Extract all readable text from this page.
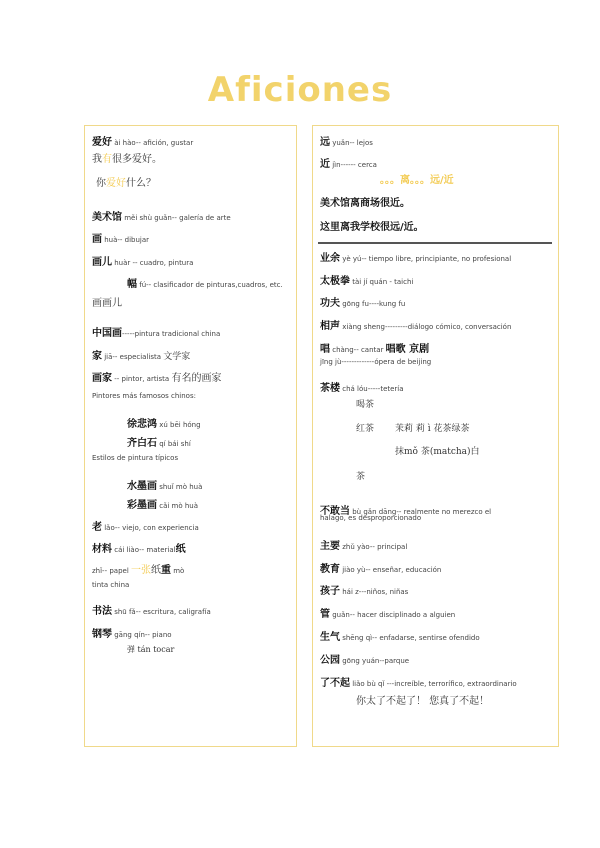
Aficiones
爱好 ài hào-- afición, gustar
我有很多爱好。
你爱好什么？
美术馆 měi shù guǎn-- galería de arte
画 huà-- dibujar
画儿 huàr -- cuadro, pintura
幅 fú-- clasificador de pinturas,cuadros, etc.
画画儿
中国画-----pintura tradicional china
家 jiā-- especialista 文学家
画家 -- pintor, artista 有名的画家
Pintores más famosos chinos:
徐悲鸿 xú bēi hóng
齐白石 qí bái shí
Estilos de pintura típicos
水墨画 shuǐ mò huà
彩墨画 cǎi mò huà
老 lǎo-- viejo, con experiencia
材料 cái liào-- material纸
zhǐ-- papel 一张纸重 mò
tinta china
书法 shū fǎ-- escritura, caligrafía
钢琴 gāng qín-- piano
弹 tán tocar
远 yuǎn-- lejos
近 jìn------ cerca
。。。离。。。远/近
美术馆离商场很近。
这里离我学校很远/近。
业余 yè yú-- tiempo libre, principiante, no profesional
太极拳 tài jí quán - taichi
功夫 gōng fu----kung fu
相声 xiàng sheng---------diálogo cómico, conversación
唱 chàng-- cantar 唱歌 京剧
jīng jù-------------ópera de beijing
茶楼 chá lóu-----tetería
喝茶
红茶 茉莉 莉 ì 花茶绿茶
抹mǒ 茶(matcha)白
茶
不敢当 bù gǎn dāng-- realmente no merezco el
halago, es desproporcionado
主要 zhǔ yào-- principal
教育 jiào yù-- enseñar, educación
孩子 hái z---niños, niñas
管 guǎn-- hacer disciplinado a alguien
生气 shēng qì-- enfadarse, sentirse ofendido
公园 gōng yuán--parque
了不起 liǎo bù qǐ ---increíble, terrorífico, extraordinario
你太了不起了！ 您真了不起！
